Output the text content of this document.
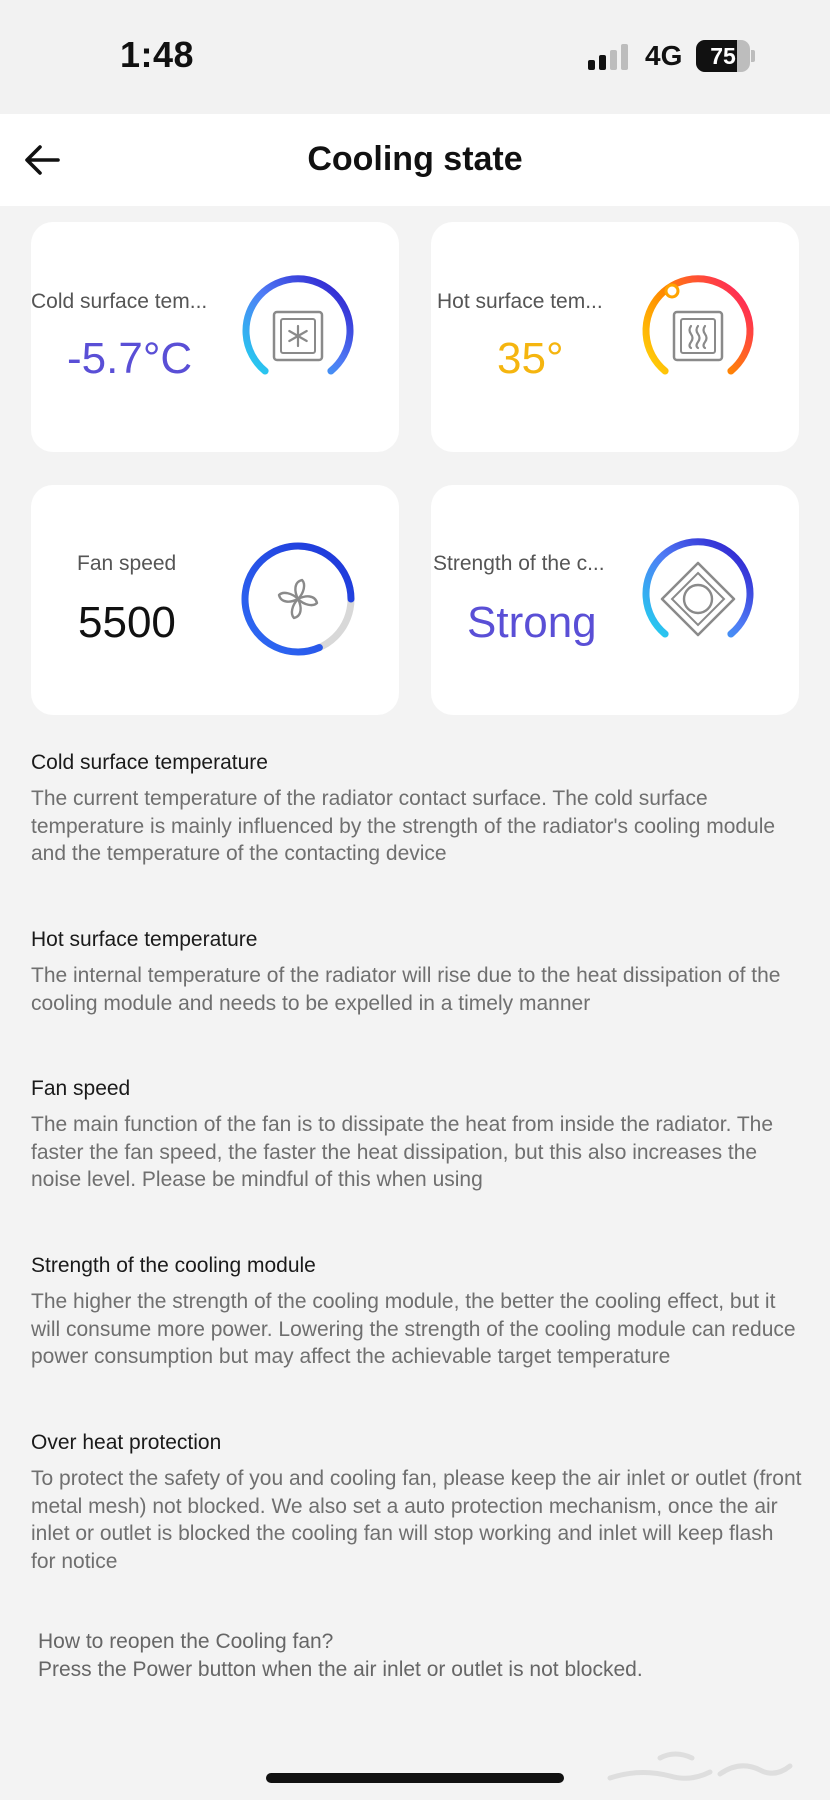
1:48	4G	75
Cooling state
Cold surface tem...
-5.7°C
Hot surface tem...
35°
Fan speed
5500
Strength of the c...
Strong
Cold surface temperature

The current temperature of the radiator contact surface. The cold surface temperature is mainly influenced by the strength of the radiator's cooling module and the temperature of the contacting device

Hot surface temperature

The internal temperature of the radiator will rise due to the heat dissipation of the cooling module and needs to be expelled in a timely manner

Fan speed

The main function of the fan is to dissipate the heat from inside the radiator. The faster the fan speed, the faster the heat dissipation, but this also increases the noise level. Please be mindful of this when using

Strength of the cooling module

The higher the strength of the cooling module, the better the cooling effect, but it will consume more power. Lowering the strength of the cooling module can reduce power consumption but may affect the achievable target temperature

Over heat protection

To protect the safety of you and cooling fan, please keep the air inlet or outlet (front metal mesh) not blocked. We also set a auto protection mechanism, once the air inlet or outlet is blocked the cooling fan will stop working and inlet will keep flash for notice

How to reopen the Cooling fan?
Press the Power button when the air inlet or outlet is not blocked.
